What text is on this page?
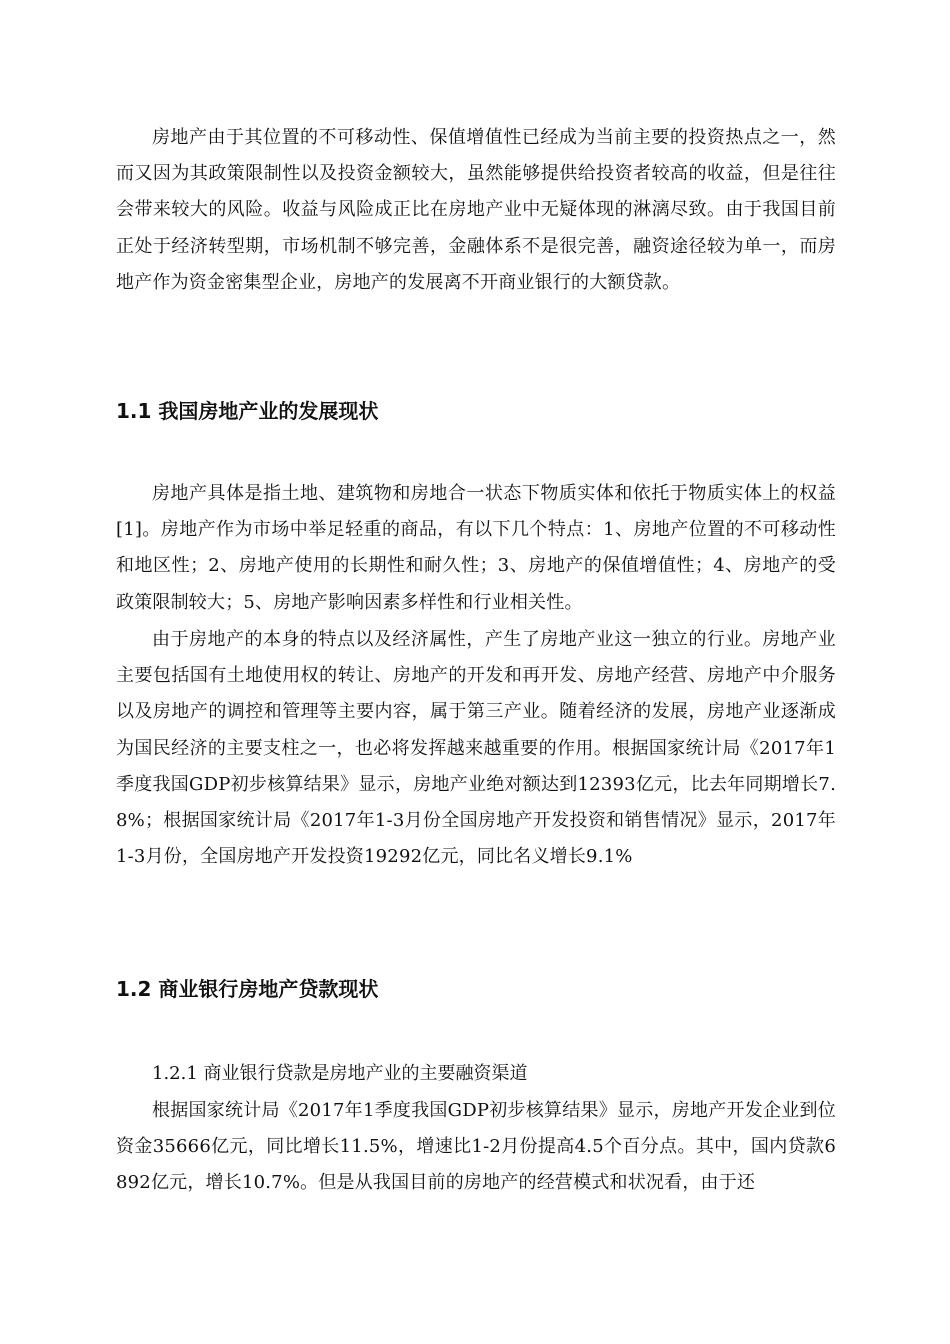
房地产由于其位置的不可移动性、保值增值性已经成为当前主要的投资热点之一，然而又因为其政策限制性以及投资金额较大，虽然能够提供给投资者较高的收益，但是往往会带来较大的风险。收益与风险成正比在房地产业中无疑体现的淋漓尽致。由于我国目前正处于经济转型期，市场机制不够完善，金融体系不是很完善，融资途径较为单一，而房地产作为资金密集型企业，房地产的发展离不开商业银行的大额贷款。

1.1 我国房地产业的发展现状

房地产具体是指土地、建筑物和房地合一状态下物质实体和依托于物质实体上的权益[1]。房地产作为市场中举足轻重的商品，有以下几个特点：1、房地产位置的不可移动性和地区性；2、房地产使用的长期性和耐久性；3、房地产的保值增值性；4、房地产的受政策限制较大；5、房地产影响因素多样性和行业相关性。

由于房地产的本身的特点以及经济属性，产生了房地产业这一独立的行业。房地产业主要包括国有土地使用权的转让、房地产的开发和再开发、房地产经营、房地产中介服务以及房地产的调控和管理等主要内容，属于第三产业。随着经济的发展，房地产业逐渐成为国民经济的主要支柱之一，也必将发挥越来越重要的作用。根据国家统计局《2017年1季度我国GDP初步核算结果》显示，房地产业绝对额达到12393亿元，比去年同期增长7.8%；根据国家统计局《2017年1-3月份全国房地产开发投资和销售情况》显示，2017年1-3月份，全国房地产开发投资19292亿元，同比名义增长9.1%

1.2 商业银行房地产贷款现状

1.2.1 商业银行贷款是房地产业的主要融资渠道

根据国家统计局《2017年1季度我国GDP初步核算结果》显示，房地产开发企业到位资金35666亿元，同比增长11.5%，增速比1-2月份提高4.5个百分点。其中，国内贷款6892亿元，增长10.7%。但是从我国目前的房地产的经营模式和状况看，由于还
